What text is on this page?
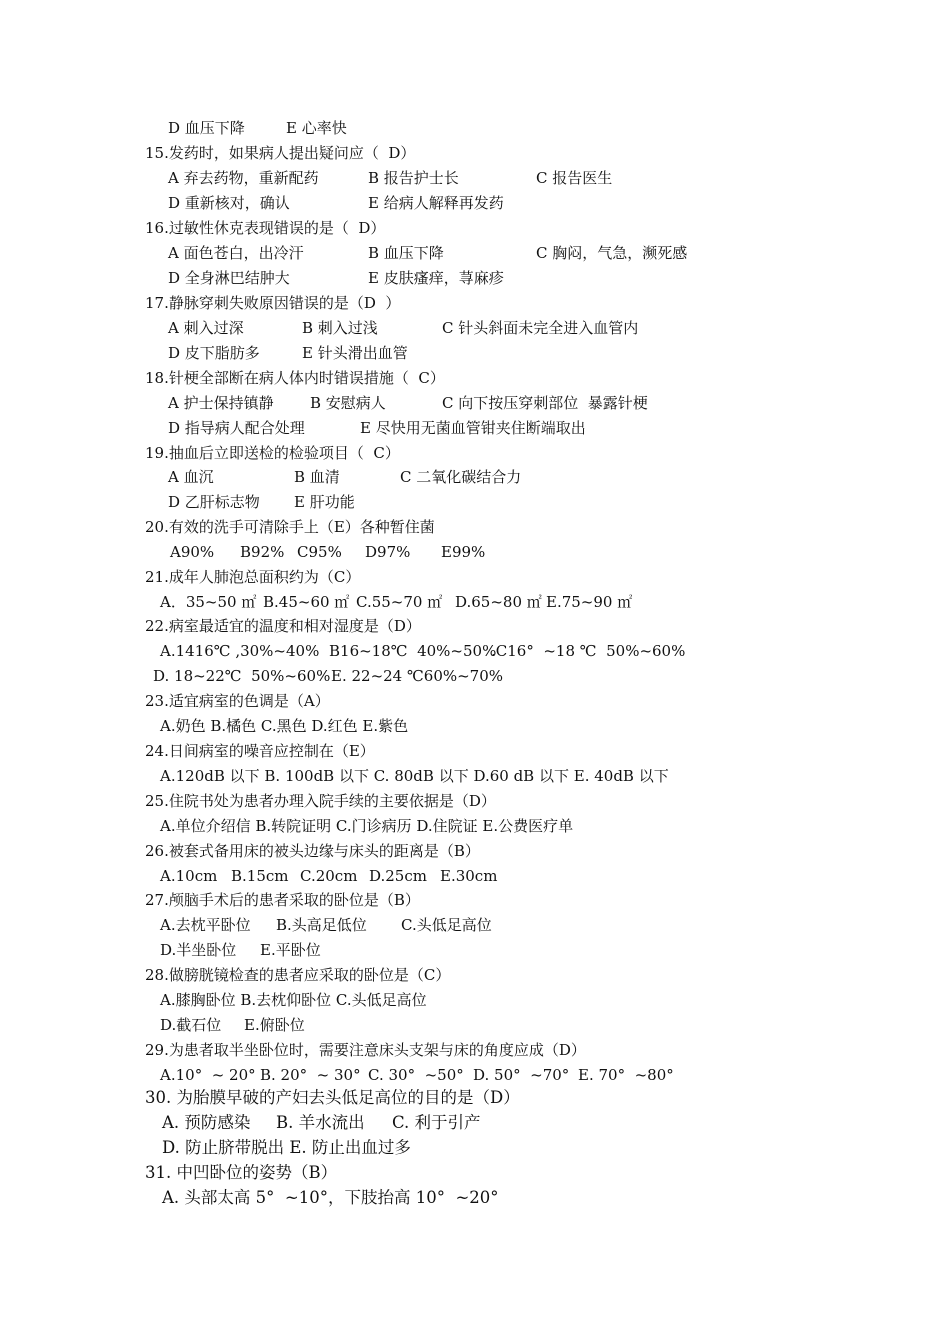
D 血压下降	E 心率快
15.发药时，如果病人提出疑问应（  D）
A 弃去药物，重新配药	B 报告护士长	C 报告医生
D 重新核对，确认	E 给病人解释再发药
16.过敏性休克表现错误的是（  D）
A 面色苍白，出冷汗	B 血压下降	C 胸闷，气急，濒死感
D 全身淋巴结肿大	E 皮肤瘙痒，荨麻疹
17.静脉穿刺失败原因错误的是（D  ）
A 刺入过深	B 刺入过浅	C 针头斜面未完全进入血管内
D 皮下脂肪多	E 针头滑出血管
18.针梗全部断在病人体内时错误措施（  C）
A 护士保持镇静 B 安慰病人	C 向下按压穿刺部位  暴露针梗
D 指导病人配合处理	E 尽快用无菌血管钳夹住断端取出
19.抽血后立即送检的检验项目（  C）
A 血沉	B 血清	C 二氧化碳结合力
D 乙肝标志物 E 肝功能
20.有效的洗手可清除手上（E）各种暂住菌
A90% B92% C95% D97% E99%
21.成年人肺泡总面积约为（C）
A．35~50 ㎡ B.45~60 ㎡ C.55~70 ㎡ D.65~80 ㎡ E.75~90 ㎡
22.病室最适宜的温度和相对湿度是（D）
A.1416℃ ,30%~40% B16~18℃  40%~50%
.C16°  ~18 ℃  50%~60%
D. 18~22℃  50%~60% E. 22~24 ℃60%~70%
23.适宜病室的色调是（A）
A.奶色 B.橘色 C.黑色 D.红色 E.紫色
24.日间病室的噪音应控制在（E）
A.120dB 以下 B. 100dB 以下 C. 80dB 以下 D.60 dB 以下 E. 40dB 以下
25.住院书处为患者办理入院手续的主要依据是（D）
A.单位介绍信 B.转院证明 C.门诊病历 D.住院证 E.公费医疗单
26.被套式备用床的被头边缘与床头的距离是（B）
A.10cm B.15cm C.20cm D.25cm E.30cm
27.颅脑手术后的患者采取的卧位是（B）
A.去枕平卧位 B.头高足低位 C.头低足高位
D.半坐卧位 E.平卧位
28.做膀胱镜检查的患者应采取的卧位是（C）
A.膝胸卧位 B.去枕仰卧位 C.头低足高位
D.截石位 E.俯卧位
29.为患者取半坐卧位时，需要注意床头支架与床的角度应成（D）
A.10°  ~ 20° B. 20°  ~ 30° C. 30°  ~50° D. 50°  ~70° E. 70°  ~80°
30. 为胎膜早破的产妇去头低足高位的目的是（D）
A. 预防感染 B. 羊水流出 C. 利于引产
D. 防止脐带脱出 E. 防止出血过多
31. 中凹卧位的姿势（B）
A. 头部太高 5°  ~10°，下肢抬高 10°  ~20°
